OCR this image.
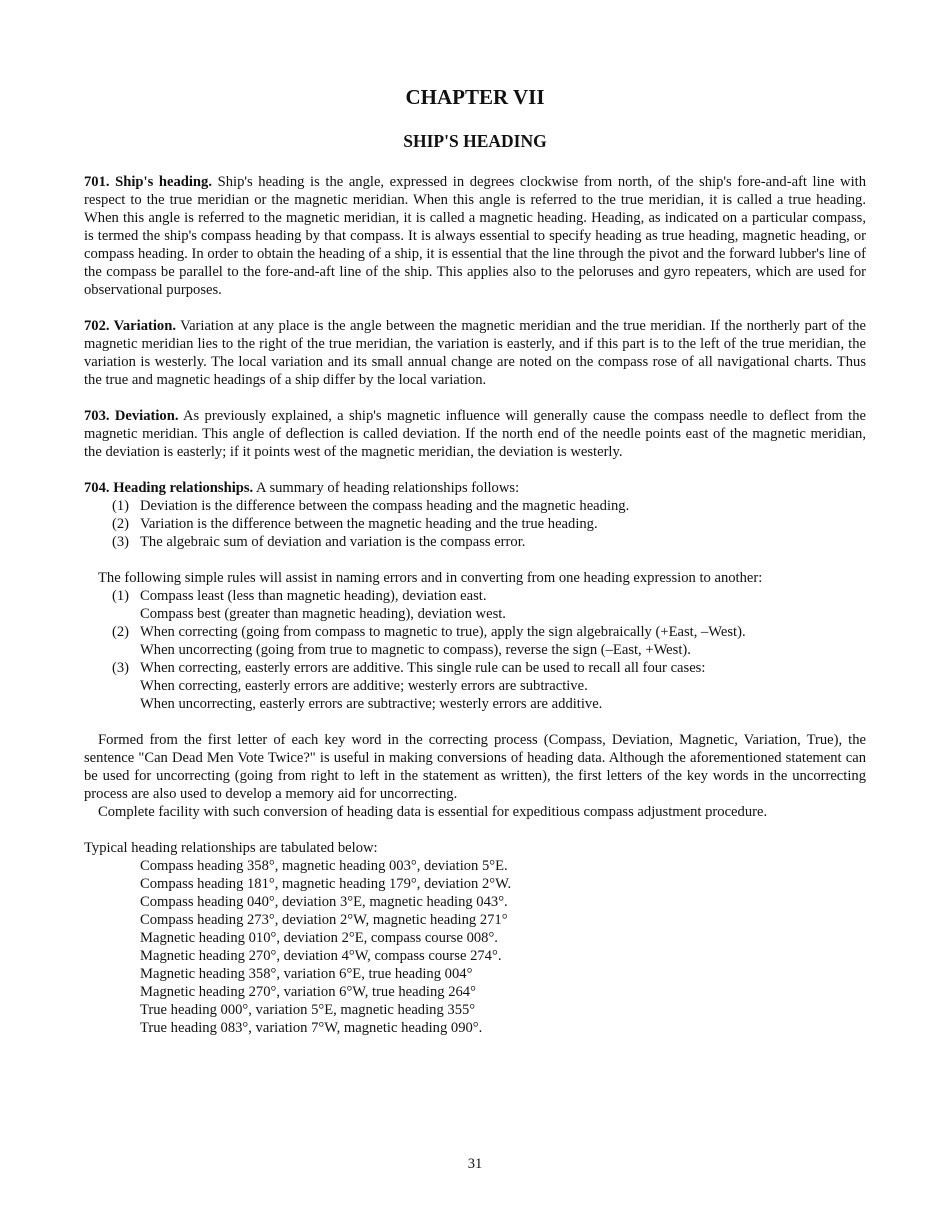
CHAPTER VII
SHIP'S HEADING

701. Ship's heading. Ship's heading is the angle, expressed in degrees clockwise from north, of the ship's fore-and-aft line with respect to the true meridian or the magnetic meridian. When this angle is referred to the true meridian, it is called a true heading. When this angle is referred to the magnetic meridian, it is called a magnetic heading. Heading, as indicated on a particular compass, is termed the ship's compass heading by that compass. It is always essential to specify heading as true heading, magnetic heading, or compass heading. In order to obtain the heading of a ship, it is essential that the line through the pivot and the forward lubber's line of the compass be parallel to the fore-and-aft line of the ship. This applies also to the peloruses and gyro repeaters, which are used for observational purposes.

702. Variation. Variation at any place is the angle between the magnetic meridian and the true meridian. If the northerly part of the magnetic meridian lies to the right of the true meridian, the variation is easterly, and if this part is to the left of the true meridian, the variation is westerly. The local variation and its small annual change are noted on the compass rose of all navigational charts. Thus the true and magnetic headings of a ship differ by the local variation.

703. Deviation. As previously explained, a ship's magnetic influence will generally cause the compass needle to deflect from the magnetic meridian. This angle of deflection is called deviation. If the north end of the needle points east of the magnetic meridian, the deviation is easterly; if it points west of the magnetic meridian, the deviation is westerly.

704. Heading relationships. A summary of heading relationships follows:

(1) Deviation is the difference between the compass heading and the magnetic heading.
(2) Variation is the difference between the magnetic heading and the true heading.
(3) The algebraic sum of deviation and variation is the compass error.

The following simple rules will assist in naming errors and in converting from one heading expression to another:

(1) Compass least (less than magnetic heading), deviation east.
Compass best (greater than magnetic heading), deviation west.
(2) When correcting (going from compass to magnetic to true), apply the sign algebraically (+East, –West).
When uncorrecting (going from true to magnetic to compass), reverse the sign (–East, +West).
(3) When correcting, easterly errors are additive. This single rule can be used to recall all four cases:
When correcting, easterly errors are additive; westerly errors are subtractive.
When uncorrecting, easterly errors are subtractive; westerly errors are additive.

Formed from the first letter of each key word in the correcting process (Compass, Deviation, Magnetic, Variation, True), the sentence "Can Dead Men Vote Twice?" is useful in making conversions of heading data. Although the aforementioned statement can be used for uncorrecting (going from right to left in the statement as written), the first letters of the key words in the uncorrecting process are also used to develop a memory aid for uncorrecting.

Complete facility with such conversion of heading data is essential for expeditious compass adjustment procedure.

Typical heading relationships are tabulated below:

Compass heading 358°, magnetic heading 003°, deviation 5°E.
Compass heading 181°, magnetic heading 179°, deviation 2°W.
Compass heading 040°, deviation 3°E, magnetic heading 043°.
Compass heading 273°, deviation 2°W, magnetic heading 271°
Magnetic heading 010°, deviation 2°E, compass course 008°.
Magnetic heading 270°, deviation 4°W, compass course 274°.
Magnetic heading 358°, variation 6°E, true heading 004°
Magnetic heading 270°, variation 6°W, true heading 264°
True heading 000°, variation 5°E, magnetic heading 355°
True heading 083°, variation 7°W, magnetic heading 090°.
31
